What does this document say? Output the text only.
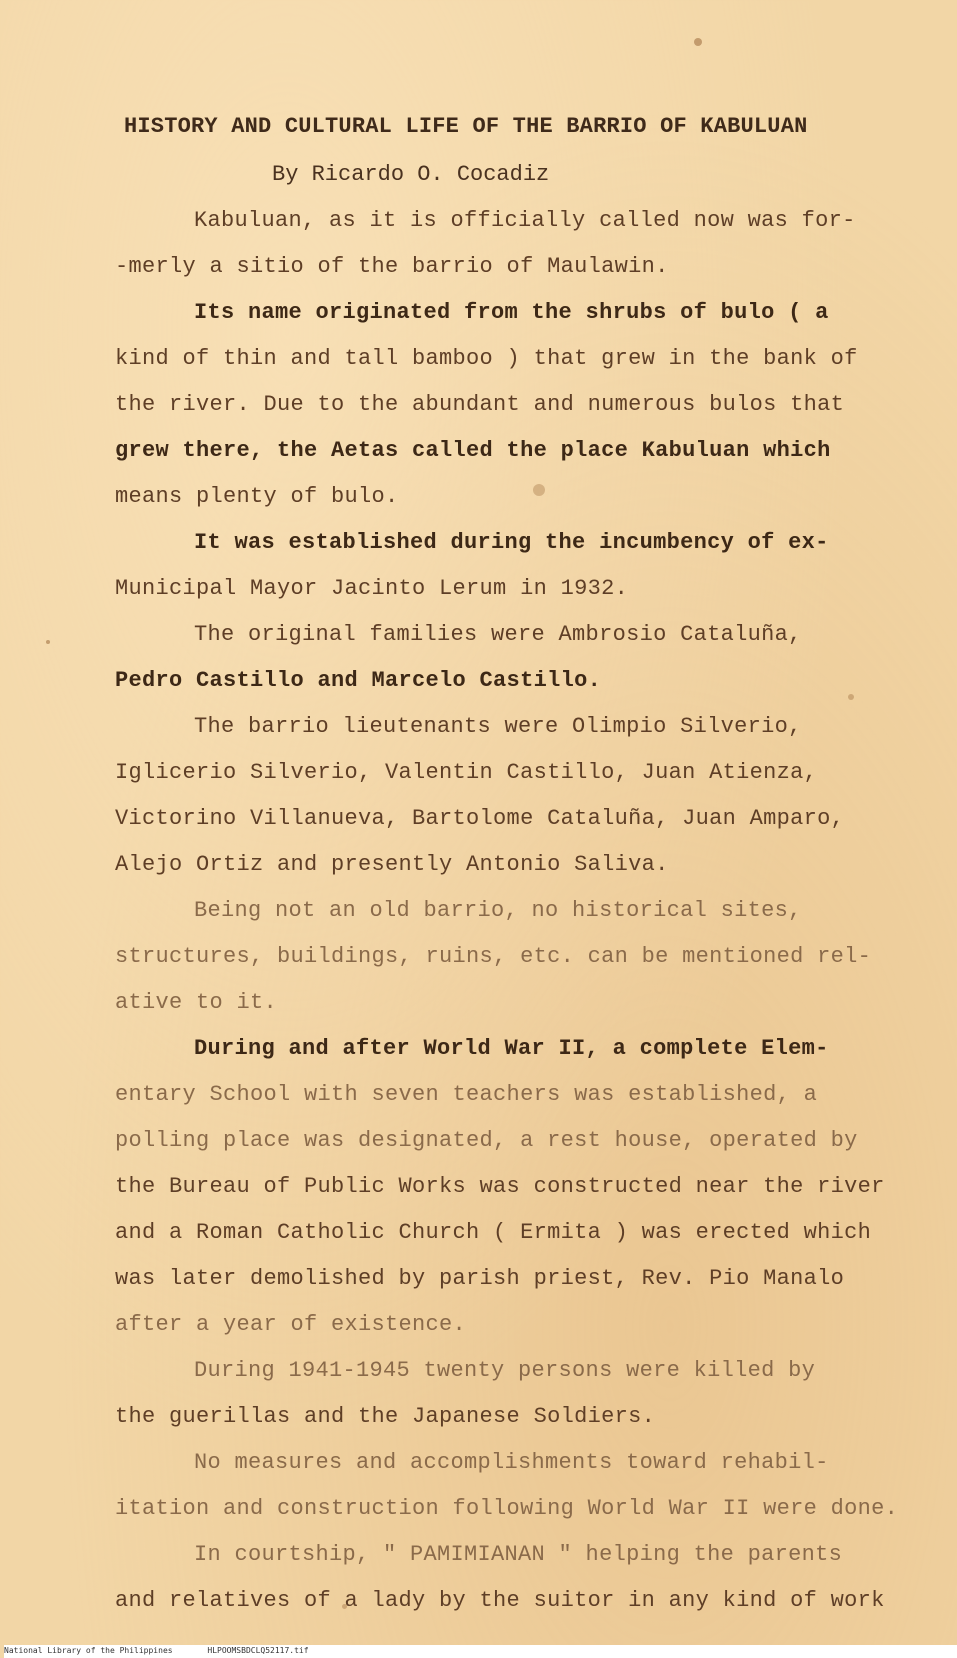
HISTORY AND CULTURAL LIFE OF THE BARRIO OF KABULUAN
By Ricardo O. Cocadiz
Kabuluan, as it is officially called now was for-
-merly a sitio of the barrio of Maulawin.
Its name originated from the shrubs of bulo ( a
kind of thin and tall bamboo ) that grew in the bank of
the river. Due to the abundant and numerous bulos that
grew there, the Aetas called the place Kabuluan which
means plenty of bulo.
It was established during the incumbency of ex-
Municipal Mayor Jacinto Lerum in 1932.
The original families were Ambrosio Cataluña,
Pedro Castillo and Marcelo Castillo.
The barrio lieutenants were Olimpio Silverio,
Iglicerio Silverio, Valentin Castillo, Juan Atienza,
Victorino Villanueva, Bartolome Cataluña, Juan Amparo,
Alejo Ortiz and presently Antonio Saliva.
Being not an old barrio, no historical sites,
structures, buildings, ruins, etc. can be mentioned rel-
ative to it.
During and after World War II, a complete Elem-
entary School with seven teachers was established, a
polling place was designated, a rest house, operated by
the Bureau of Public Works was constructed near the river
and a Roman Catholic Church ( Ermita ) was erected which
was later demolished by parish priest, Rev. Pio Manalo
after a year of existence.
During 1941-1945 twenty persons were killed by
the guerillas and the Japanese Soldiers.
No measures and accomplishments toward rehabil-
itation and construction following World War II were done.
In courtship, " PAMIMIANAN " helping the parents
and relatives of a lady by the suitor in any kind of work
National Library of the Philippines	HLPOOMSBDCLQ52117.tif
